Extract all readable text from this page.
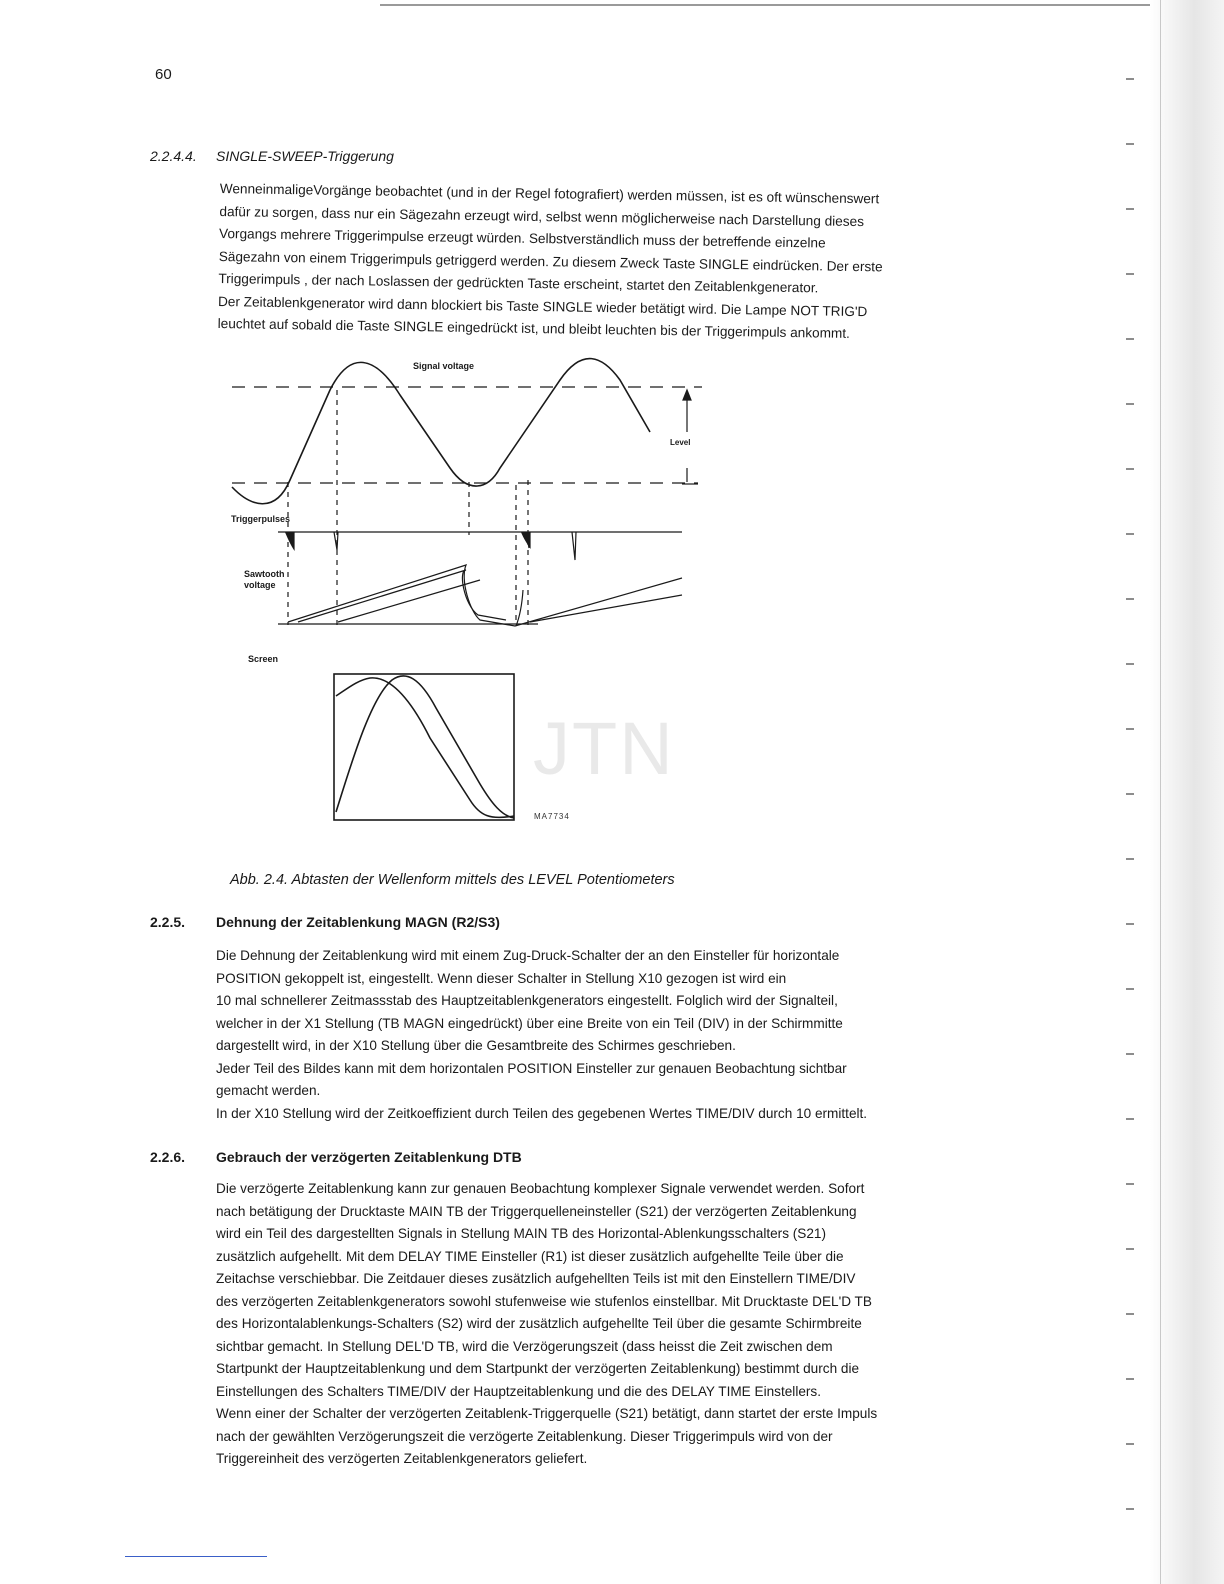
60
2.2.4.4. SINGLE-SWEEP-Triggerung
WenneinmaligeVorgänge beobachtet (und in der Regel fotografiert) werden müssen, ist es oft wünschenswert
dafür zu sorgen, dass nur ein Sägezahn erzeugt wird, selbst wenn möglicherweise nach Darstellung dieses
Vorgangs mehrere Triggerimpulse erzeugt würden. Selbstverständlich muss der betreffende einzelne
Sägezahn von einem Triggerimpuls getriggerd werden. Zu diesem Zweck Taste SINGLE eindrücken. Der erste
Triggerimpuls , der nach Loslassen der gedrückten Taste erscheint, startet den Zeitablenkgenerator.
Der Zeitablenkgenerator wird dann blockiert bis Taste SINGLE wieder betätigt wird. Die Lampe NOT TRIG'D
leuchtet auf sobald die Taste SINGLE eingedrückt ist, und bleibt leuchten bis der Triggerimpuls ankommt.
Signal voltage
Level
Triggerpulses
Sawtooth
voltage
Screen
JTN
MA7734
Abb. 2.4. Abtasten der Wellenform mittels des LEVEL Potentiometers
2.2.5. Dehnung der Zeitablenkung MAGN (R2/S3)
Die Dehnung der Zeitablenkung wird mit einem Zug-Druck-Schalter der an den Einsteller für horizontale
POSITION gekoppelt ist, eingestellt. Wenn dieser Schalter in Stellung X10 gezogen ist wird ein
10 mal schnellerer Zeitmassstab des Hauptzeitablenkgenerators eingestellt. Folglich wird der Signalteil,
welcher in der X1 Stellung (TB MAGN eingedrückt) über eine Breite von ein Teil (DIV) in der Schirmmitte
dargestellt wird, in der X10 Stellung über die Gesamtbreite des Schirmes geschrieben.
Jeder Teil des Bildes kann mit dem horizontalen POSITION Einsteller zur genauen Beobachtung sichtbar
gemacht werden.
In der X10 Stellung wird der Zeitkoeffizient durch Teilen des gegebenen Wertes TIME/DIV durch 10 ermittelt.
2.2.6. Gebrauch der verzögerten Zeitablenkung DTB
Die verzögerte Zeitablenkung kann zur genauen Beobachtung komplexer Signale verwendet werden. Sofort
nach betätigung der Drucktaste MAIN TB der Triggerquelleneinsteller (S21) der verzögerten Zeitablenkung
wird ein Teil des dargestellten Signals in Stellung MAIN TB des Horizontal-Ablenkungsschalters (S21)
zusätzlich aufgehellt. Mit dem DELAY TIME Einsteller (R1) ist dieser zusätzlich aufgehellte Teile über die
Zeitachse verschiebbar. Die Zeitdauer dieses zusätzlich aufgehellten Teils ist mit den Einstellern TIME/DIV
des verzögerten Zeitablenkgenerators sowohl stufenweise wie stufenlos einstellbar. Mit Drucktaste DEL'D TB
des Horizontalablenkungs-Schalters (S2) wird der zusätzlich aufgehellte Teil über die gesamte Schirmbreite
sichtbar gemacht. In Stellung DEL'D TB, wird die Verzögerungszeit (dass heisst die Zeit zwischen dem
Startpunkt der Hauptzeitablenkung und dem Startpunkt der verzögerten Zeitablenkung) bestimmt durch die
Einstellungen des Schalters TIME/DIV der Hauptzeitablenkung und die des DELAY TIME Einstellers.
Wenn einer der Schalter der verzögerten Zeitablenk-Triggerquelle (S21) betätigt, dann startet der erste Impuls
nach der gewählten Verzögerungszeit die verzögerte Zeitablenkung. Dieser Triggerimpuls wird von der
Triggereinheit des verzögerten Zeitablenkgenerators geliefert.
